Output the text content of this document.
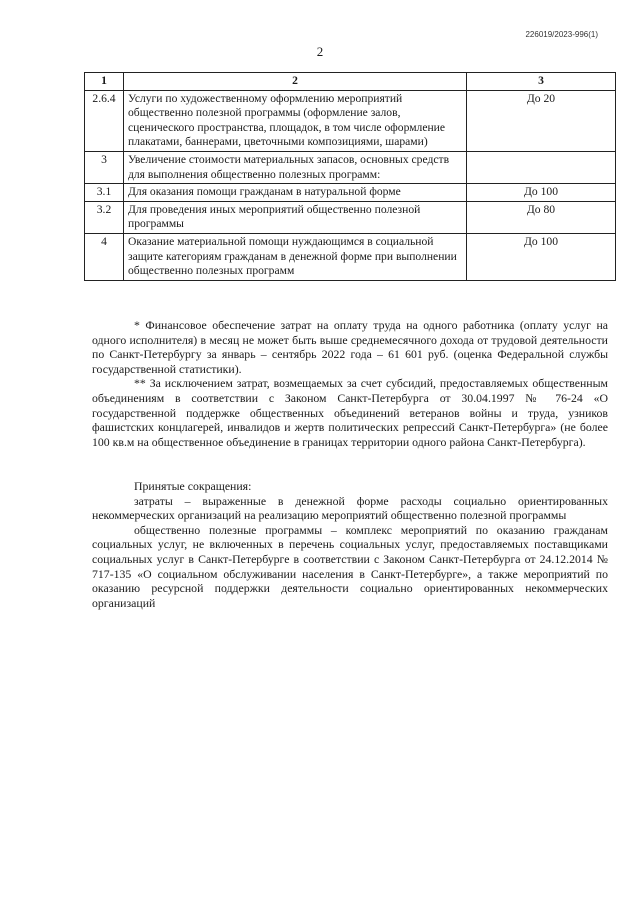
226019/2023-996(1)
2
1	2	3
2.6.4	Услуги по художественному оформлению мероприятий общественно полезной программы (оформление залов, сценического пространства, площадок, в том числе оформление плакатами, баннерами, цветочными композициями, шарами)	До 20
3	Увеличение стоимости материальных запасов, основных средств для выполнения общественно полезных программ:	
3.1	Для оказания помощи гражданам в натуральной форме	До 100
3.2	Для проведения иных мероприятий общественно полезной программы	До 80
4	Оказание материальной помощи нуждающимся в социальной защите категориям гражданам в денежной форме при выполнении общественно полезных программ	До 100

* Финансовое обеспечение затрат на оплату труда на одного работника (оплату услуг на одного исполнителя) в месяц не может быть выше среднемесячного дохода от трудовой деятельности по Санкт-Петербургу за январь – сентябрь 2022 года – 61 601 руб. (оценка Федеральной службы государственной статистики).

** За исключением затрат, возмещаемых за счет субсидий, предоставляемых общественным объединениям в соответствии с Законом Санкт-Петербурга от 30.04.1997 № 76-24 «О государственной поддержке общественных объединений ветеранов войны и труда, узников фашистских концлагерей, инвалидов и жертв политических репрессий Санкт-Петербурга» (не более 100 кв.м на общественное объединение в границах территории одного района Санкт-Петербурга).

Принятые сокращения:

затраты – выраженные в денежной форме расходы социально ориентированных некоммерческих организаций на реализацию мероприятий общественно полезной программы

общественно полезные программы – комплекс мероприятий по оказанию гражданам социальных услуг, не включенных в перечень социальных услуг, предоставляемых поставщиками социальных услуг в Санкт-Петербурге в соответствии с Законом Санкт-Петербурга от 24.12.2014 № 717-135 «О социальном обслуживании населения в Санкт-Петербурге», а также мероприятий по оказанию ресурсной поддержки деятельности социально ориентированных некоммерческих организаций
